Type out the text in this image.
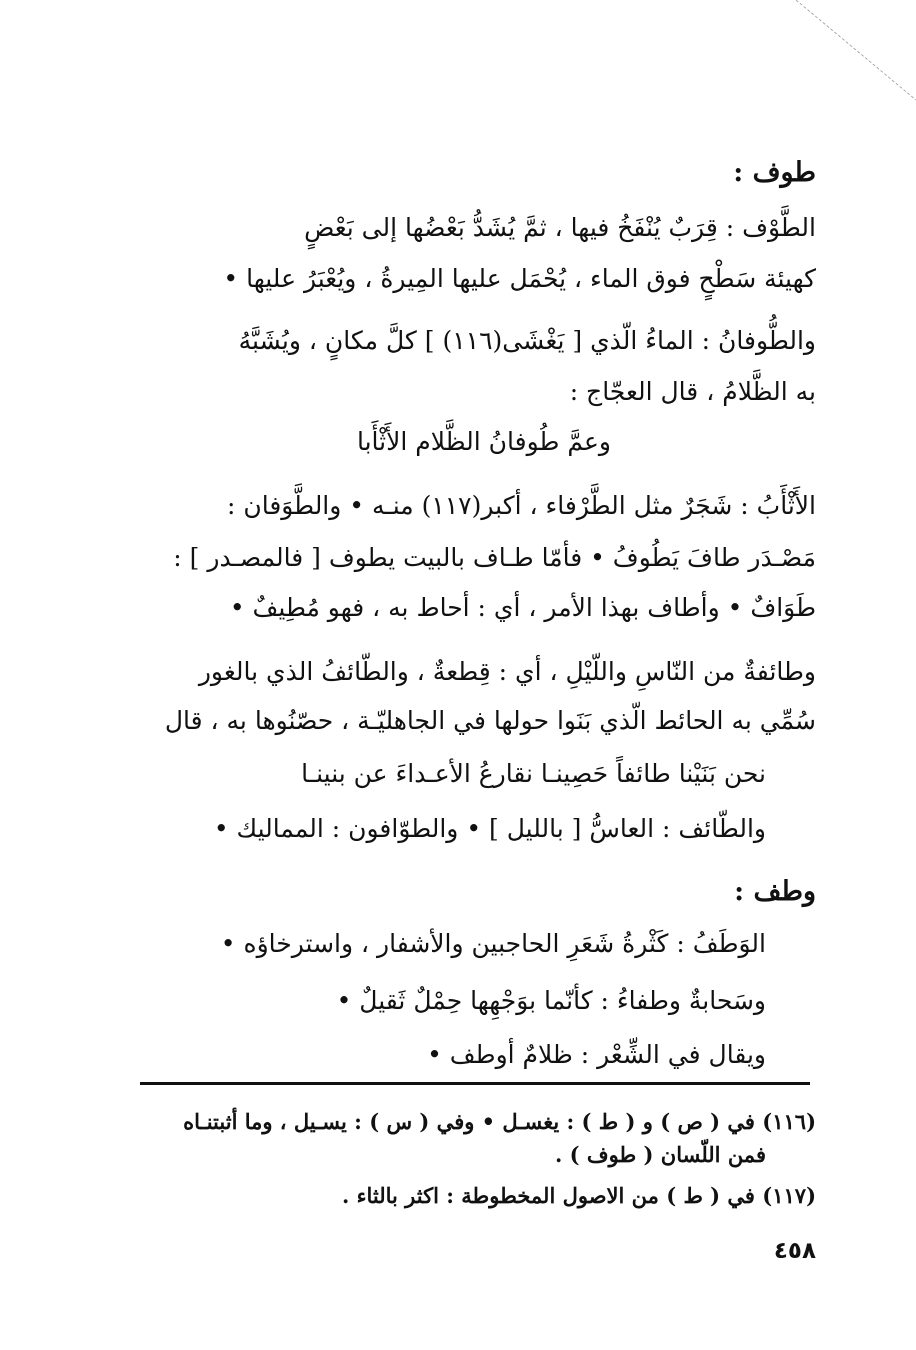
طوف :
الطَّوْف : قِرَبٌ يُنْفَخُ فيها ، ثمَّ يُشَدُّ بَعْضُها إلى بَعْضٍ
كهيئة سَطْحٍ فوق الماء ، يُحْمَل عليها المِيرةُ ، ويُعْبَرُ عليها •
والطُّوفانُ : الماءُ الّذي [ يَغْشَى(١١٦) ] كلَّ مكانٍ ، ويُشَبَّهُ
به الظَّلامُ ، قال العجّاج :
وعمَّ طُوفانُ الظَّلام الأَثْأَبا
الأَثْأَبُ : شَجَرٌ مثل الطَّرْفاء ، أكبر(١١٧) منـه • والطَّوَفان :
مَصْـدَر طافَ يَطُوفُ • فأمّا طـاف بالبيت يطوف [ فالمصـدر ] :
طَوَافٌ • وأطاف بهذا الأمر ، أي : أحاط به ، فهو مُطِيفٌ •
وطائفةٌ من النّاسِ واللّيْلِ ، أي : قِطعةٌ ، والطّائفُ الذي بالغور
سُمِّي به الحائط الّذي بَنَوا حولها في الجاهليّـة ، حصّنُوها به ، قال
نحن بَنَيْنا طائفاً حَصِينـا نقارعُ الأعـداءَ عن بنينـا
والطّائف : العاسُّ [ بالليل ] • والطوّافون : المماليك •
وطف :
الوَطَفُ : كَثْرةُ شَعَرِ الحاجبين والأشفار ، واسترخاؤه •
وسَحابةٌ وطفاءُ : كأنّما بوَجْهِها حِمْلٌ ثَقيلٌ •
ويقال في الشِّعْر : ظلامٌ أوطف •
(١١٦) في ( ص ) و ( ط ) : يغسـل • وفي ( س ) : يسـيل ، وما أثبتنـاه
فمن اللّسان ( طوف ) .
(١١٧) في ( ط ) من الاصول المخطوطة : اكثر بالثاء .
٤٥٨
